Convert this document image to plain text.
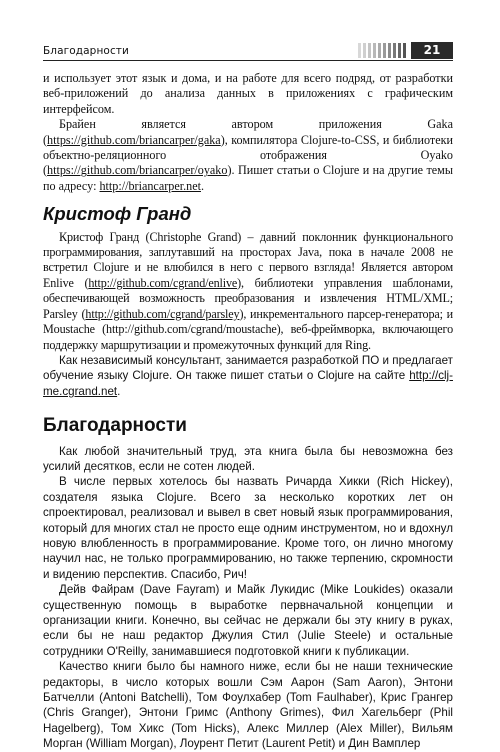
Благодарности	21

и использует этот язык и дома, и на работе для всего подряд, от разработки веб-приложений до анализа данных в приложениях с графическим интерфейсом.

Брайен является автором приложения Gaka (https://github.com/briancarper/gaka), компилятора Clojure-to-CSS, и библиотеки объектно-реляционного отображения Oyako (https://github.com/briancarper/oyako). Пишет статьи о Clojure и на другие темы по адресу: http://briancarper.net.

Кристоф Гранд

Кристоф Гранд (Christophe Grand) – давний поклонник функционального программирования, заплутавший на просторах Java, пока в начале 2008 не встретил Clojure и не влюбился в него с первого взгляда! Является автором Enlive (http://github.com/cgrand/enlive), библиотеки управления шаблонами, обеспечивающей возможность преобразования и извлечения HTML/XML; Parsley (http://github.com/cgrand/parsley), инкрементального парсер-генератора; и Moustache (http://github.com/cgrand/moustache), веб-фреймворка, включающего поддержку маршрутизации и промежуточных функций для Ring.

Как независимый консультант, занимается разработкой ПО и предлагает обучение языку Clojure. Он также пишет статьи о Clojure на сайте http://clj-me.cgrand.net.

Благодарности

Как любой значительный труд, эта книга была бы невозможна без усилий десятков, если не сотен людей.

В числе первых хотелось бы назвать Ричарда Хикки (Rich Hickey), создателя языка Clojure. Всего за несколько коротких лет он спроектировал, реализовал и вывел в свет новый язык программирования, который для многих стал не просто еще одним инструментом, но и вдохнул новую влюбленность в программирование. Кроме того, он лично многому научил нас, не только программированию, но также терпению, скромности и видению перспектив. Спасибо, Рич!

Дейв Файрам (Dave Fayram) и Майк Лукидис (Mike Loukides) оказали существенную помощь в выработке первначальной концепции и организации книги. Конечно, вы сейчас не держали бы эту книгу в руках, если бы не наш редактор Джулия Стил (Julie Steele) и остальные сотрудники O'Reilly, занимавшиеся подготовкой книги к публикации.

Качество книги было бы намного ниже, если бы не наши технические редакторы, в число которых вошли Сэм Аарон (Sam Aaron), Энтони Батчелли (Antoni Batchelli), Том Фоулхабер (Tom Faulhaber), Крис Грангер (Chris Granger), Энтони Гримс (Anthony Grimes), Фил Хагельберг (Phil Hagelberg), Том Хикс (Tom Hicks), Алекс Миллер (Alex Miller), Вильям Морган (William Morgan), Лоурент Петит (Laurent Petit) и Дин Вамплер
